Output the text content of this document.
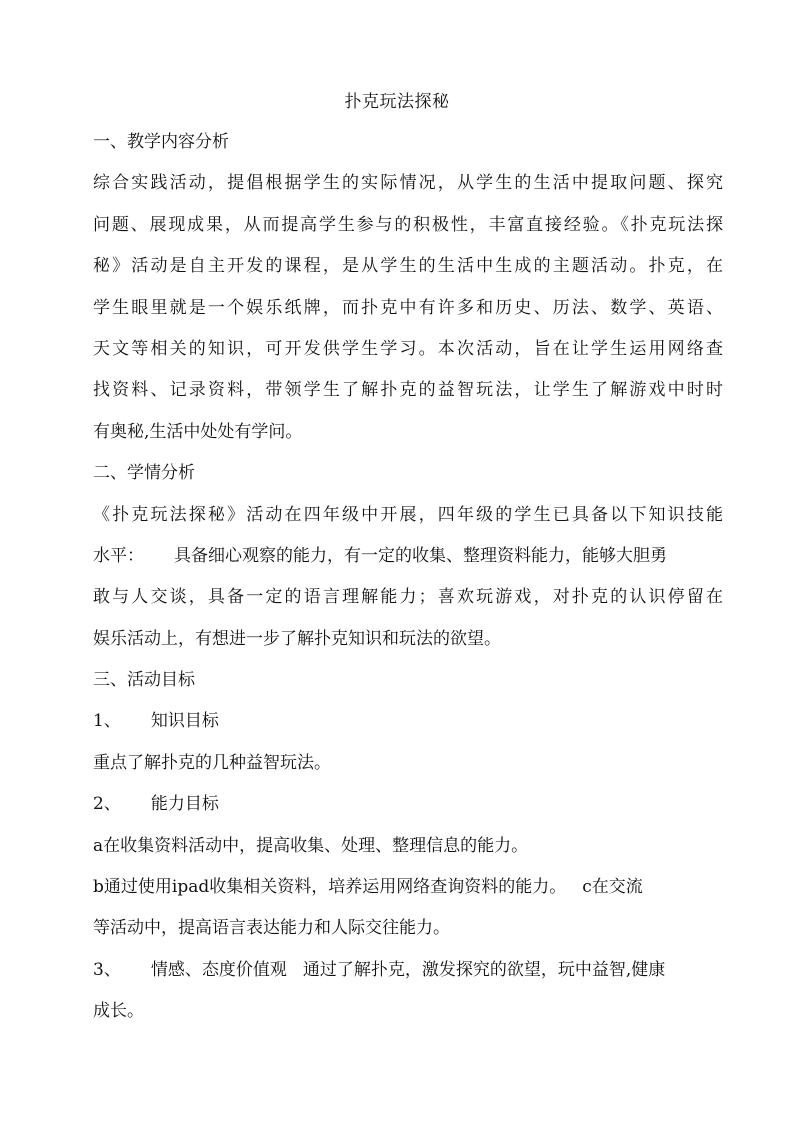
扑克玩法探秘
一、教学内容分析
综合实践活动，提倡根据学生的实际情况，从学生的生活中提取问题、探究
问题、展现成果，从而提高学生参与的积极性，丰富直接经验。《扑克玩法探
秘》活动是自主开发的课程，是从学生的生活中生成的主题活动。扑克，在
学生眼里就是一个娱乐纸牌，而扑克中有许多和历史、历法、数学、英语、
天文等相关的知识，可开发供学生学习。本次活动，旨在让学生运用网络查
找资料、记录资料，带领学生了解扑克的益智玩法，让学生了解游戏中时时
有奥秘,生活中处处有学问。
二、学情分析
《扑克玩法探秘》活动在四年级中开展，四年级的学生已具备以下知识技能
水平： 具备细心观察的能力，有一定的收集、整理资料能力，能够大胆勇
敢与人交谈，具备一定的语言理解能力；喜欢玩游戏，对扑克的认识停留在
娱乐活动上，有想进一步了解扑克知识和玩法的欲望。
三、活动目标
1、 知识目标
重点了解扑克的几种益智玩法。
2、 能力目标
a在收集资料活动中，提高收集、处理、整理信息的能力。
b通过使用ipad收集相关资料，培养运用网络查询资料的能力。 c在交流
等活动中，提高语言表达能力和人际交往能力。
3、 情感、态度价值观 通过了解扑克，激发探究的欲望，玩中益智,健康
成长。
